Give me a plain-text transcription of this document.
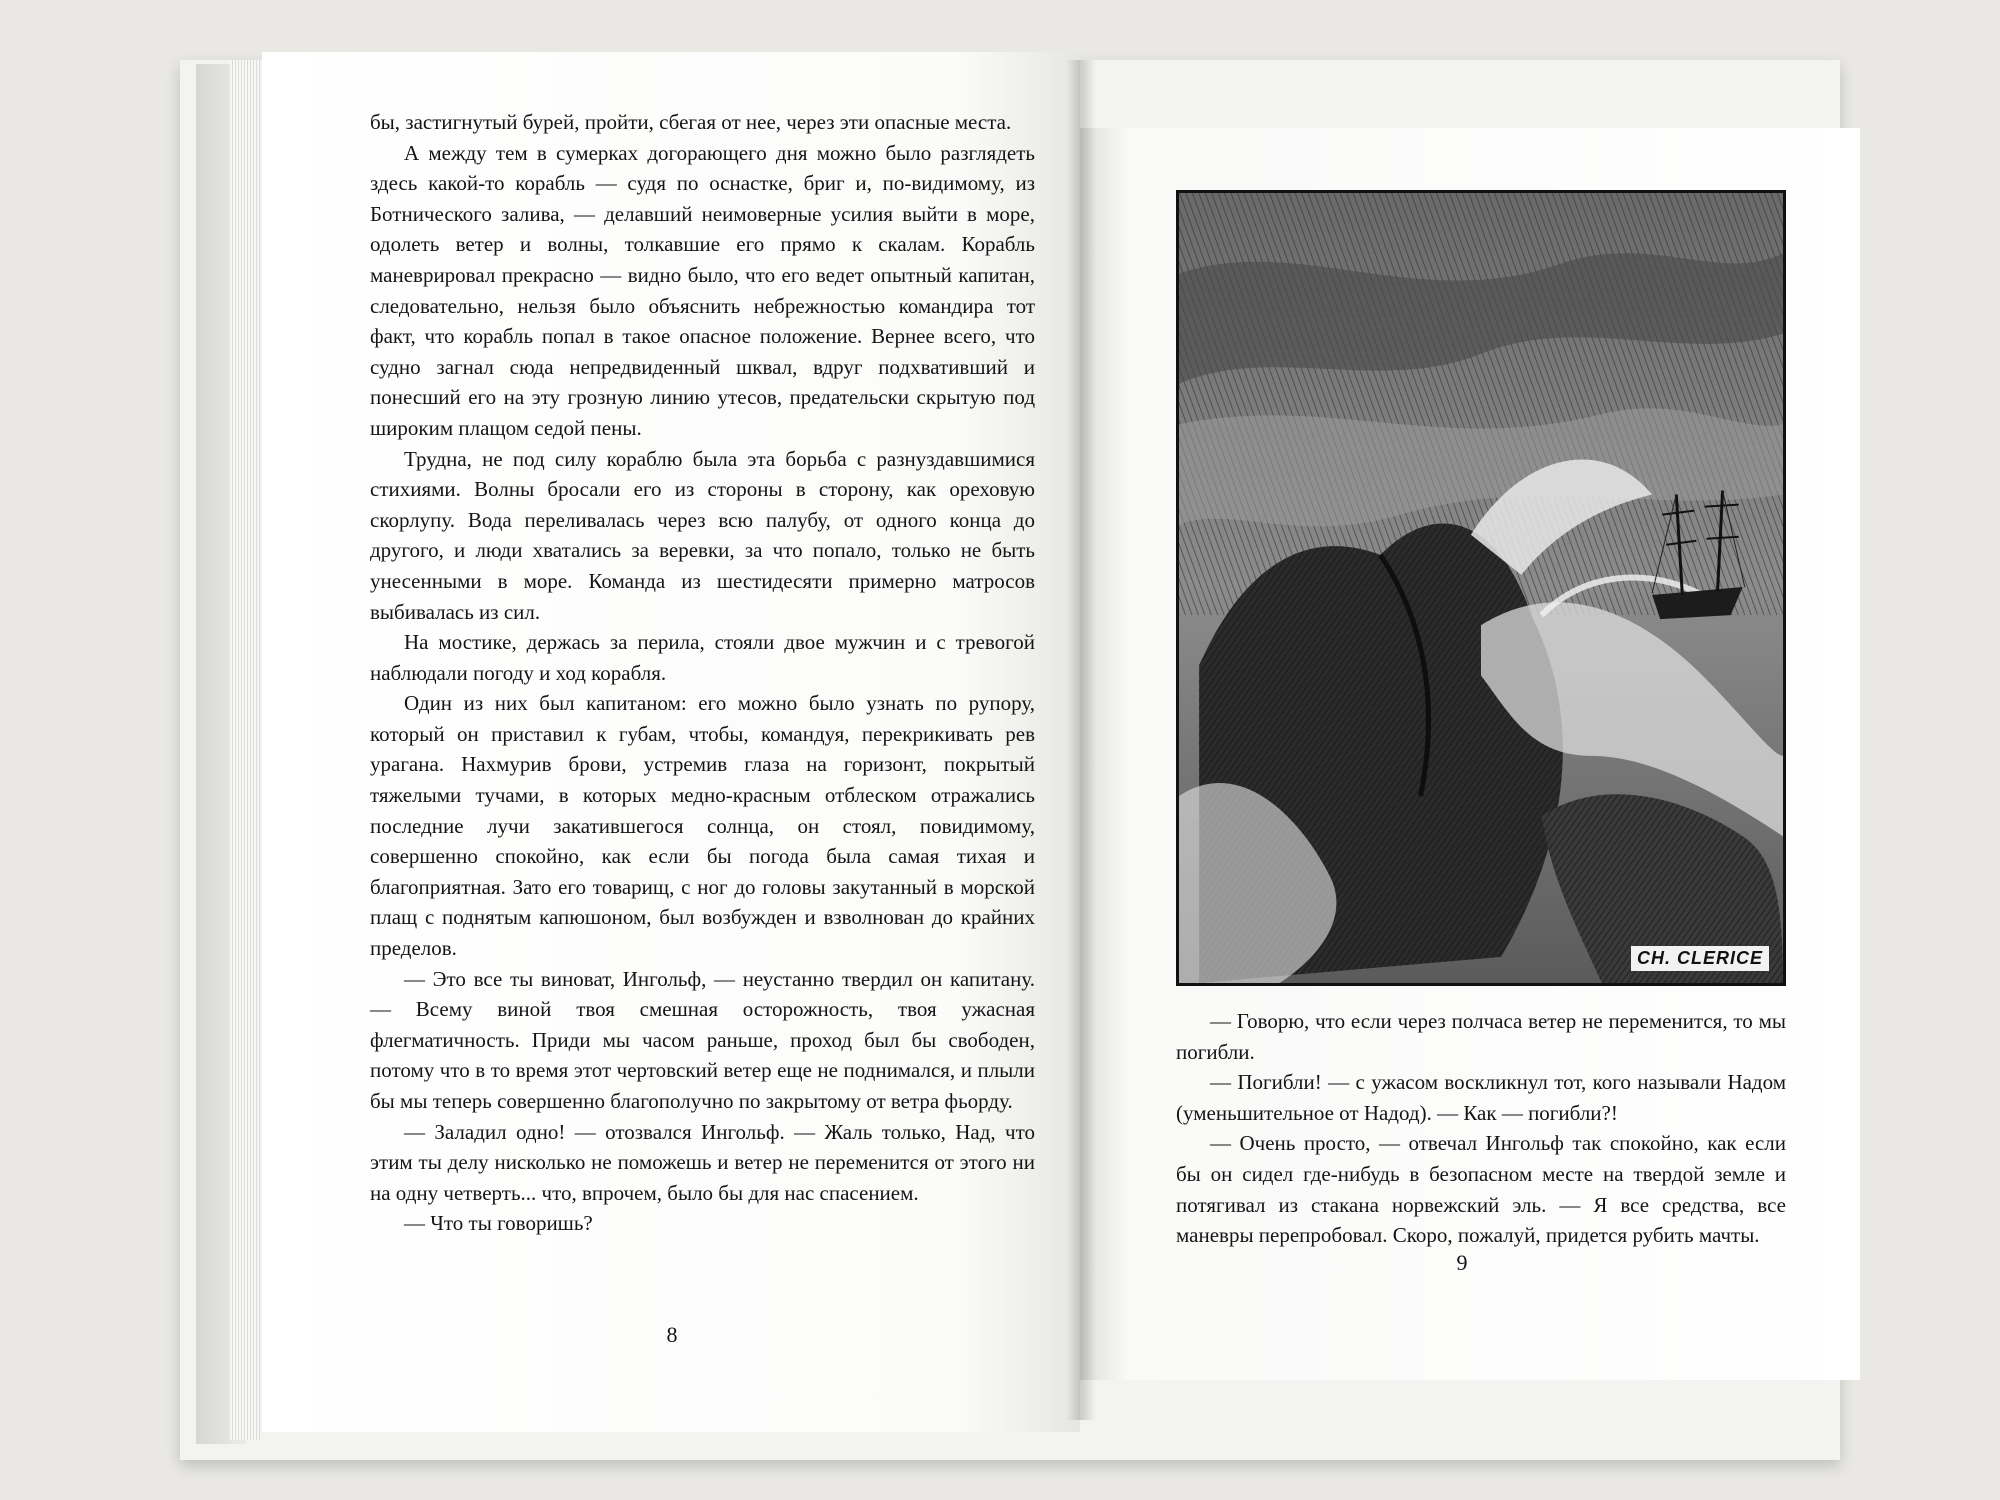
бы, застигнутый бурей, пройти, сбегая от нее, через эти опасные места.

А между тем в сумерках догорающего дня можно было разглядеть здесь какой-то корабль — судя по оснастке, бриг и, по-видимому, из Ботнического залива, — делавший неимоверные усилия выйти в море, одолеть ветер и волны, толкавшие его прямо к скалам. Корабль маневрировал прекрасно — видно было, что его ведет опытный капитан, следовательно, нельзя было объяснить небрежностью командира тот факт, что корабль попал в такое опасное положение. Вернее всего, что судно загнал сюда непредвиденный шквал, вдруг подхвативший и понесший его на эту грозную линию утесов, предательски скрытую под широким плащом седой пены.

Трудна, не под силу кораблю была эта борьба с разнуздавшимися стихиями. Волны бросали его из стороны в сторону, как ореховую скорлупу. Вода переливалась через всю палубу, от одного конца до другого, и люди хватались за веревки, за что попало, только не быть унесенными в море. Команда из шестидесяти примерно матросов выбивалась из сил.

На мостике, держась за перила, стояли двое мужчин и с тревогой наблюдали погоду и ход корабля.

Один из них был капитаном: его можно было узнать по рупору, который он приставил к губам, чтобы, командуя, перекрикивать рев урагана. Нахмурив брови, устремив глаза на горизонт, покрытый тяжелыми тучами, в которых медно-красным отблеском отражались последние лучи закатившегося солнца, он стоял, повидимому, совершенно спокойно, как если бы погода была самая тихая и благоприятная. Зато его товарищ, с ног до головы закутанный в морской плащ с поднятым капюшоном, был возбужден и взволнован до крайних пределов.

— Это все ты виноват, Ингольф, — неустанно твердил он капитану. — Всему виной твоя смешная осторожность, твоя ужасная флегматичность. Приди мы часом раньше, проход был бы свободен, потому что в то время этот чертовский ветер еще не поднимался, и плыли бы мы теперь совершенно благополучно по закрытому от ветра фьорду.

— Заладил одно! — отозвался Ингольф. — Жаль только, Над, что этим ты делу нисколько не поможешь и ветер не переменится от этого ни на одну четверть... что, впрочем, было бы для нас спасением.

— Что ты говоришь?

8
CH. CLERICE

— Говорю, что если через полчаса ветер не переменится, то мы погибли.

— Погибли! — с ужасом воскликнул тот, кого называли Надом (уменьшительное от Надод). — Как — погибли?!

— Очень просто, — отвечал Ингольф так спокойно, как если бы он сидел где-нибудь в безопасном месте на твердой земле и потягивал из стакана норвежский эль. — Я все средства, все маневры перепробовал. Скоро, пожалуй, придется рубить мачты.

9
